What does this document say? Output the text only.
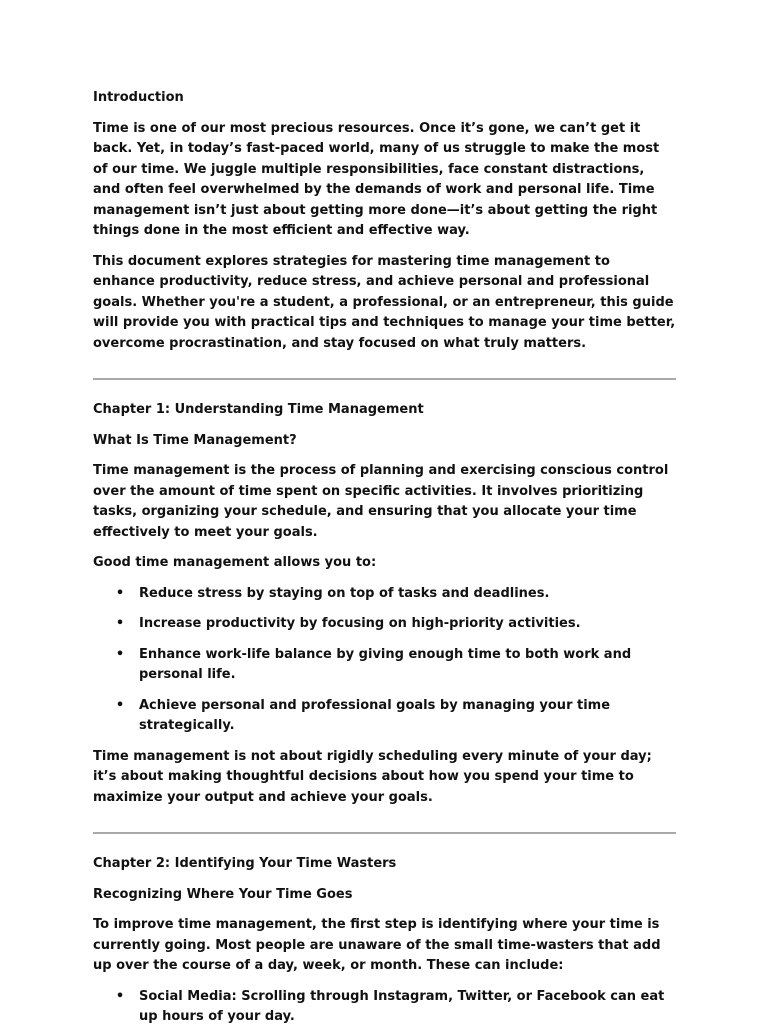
Introduction

Time is one of our most precious resources. Once it’s gone, we can’t get it back. Yet, in today’s fast-paced world, many of us struggle to make the most of our time. We juggle multiple responsibilities, face constant distractions, and often feel overwhelmed by the demands of work and personal life. Time management isn’t just about getting more done—it’s about getting the right things done in the most efficient and effective way.

This document explores strategies for mastering time management to enhance productivity, reduce stress, and achieve personal and professional goals. Whether you're a student, a professional, or an entrepreneur, this guide will provide you with practical tips and techniques to manage your time better, overcome procrastination, and stay focused on what truly matters.

Chapter 1: Understanding Time Management

What Is Time Management?

Time management is the process of planning and exercising conscious control over the amount of time spent on specific activities. It involves prioritizing tasks, organizing your schedule, and ensuring that you allocate your time effectively to meet your goals.

Good time management allows you to:

• Reduce stress by staying on top of tasks and deadlines.
• Increase productivity by focusing on high-priority activities.
• Enhance work-life balance by giving enough time to both work and personal life.
• Achieve personal and professional goals by managing your time strategically.

Time management is not about rigidly scheduling every minute of your day; it’s about making thoughtful decisions about how you spend your time to maximize your output and achieve your goals.

Chapter 2: Identifying Your Time Wasters

Recognizing Where Your Time Goes

To improve time management, the first step is identifying where your time is currently going. Most people are unaware of the small time-wasters that add up over the course of a day, week, or month. These can include:

• Social Media: Scrolling through Instagram, Twitter, or Facebook can eat up hours of your day.
